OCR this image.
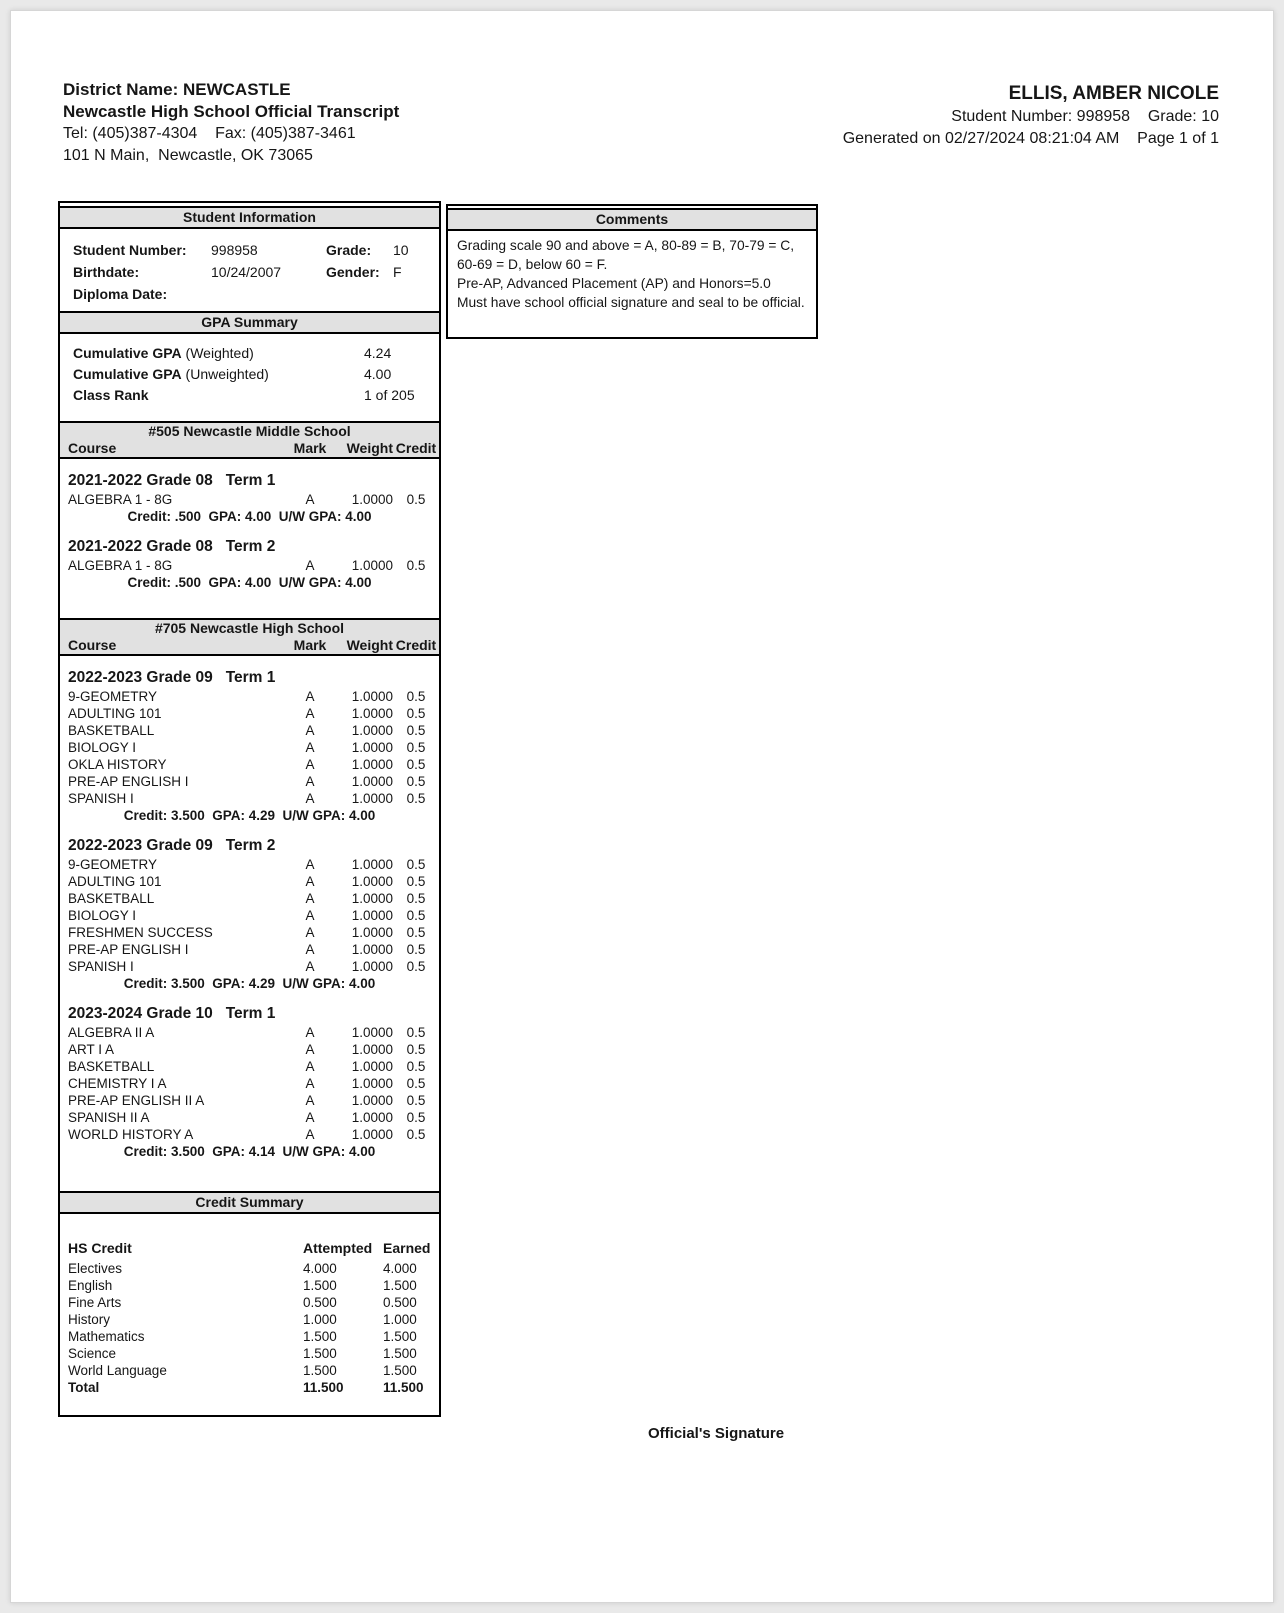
District Name: NEWCASTLE
Newcastle High School Official Transcript
Tel: (405)387-4304    Fax: (405)387-3461
101 N Main,  Newcastle, OK 73065
ELLIS, AMBER NICOLE
Student Number: 998958    Grade: 10
Generated on 02/27/2024 08:21:04 AM    Page 1 of 1
Comments
Grading scale 90 and above = A, 80-89 = B, 70-79 = C, 60-69 = D, below 60 = F.
Pre-AP, Advanced Placement (AP) and Honors=5.0
Must have school official signature and seal to be official.
Student Information
Student Number: 998958	Grade: 10
Birthdate:	10/24/2007	Gender: F
Diploma Date:
GPA Summary
Cumulative GPA (Weighted)	4.24
Cumulative GPA (Unweighted)	4.00
Class Rank	1 of 205
#505 Newcastle Middle School
Course	Mark	Weight Credit
2021-2022 Grade 08   Term 1
ALGEBRA 1 - 8G	A	1.0000	0.5
Credit: .500  GPA: 4.00  U/W GPA: 4.00
2021-2022 Grade 08   Term 2
ALGEBRA 1 - 8G	A	1.0000	0.5
Credit: .500  GPA: 4.00  U/W GPA: 4.00
#705 Newcastle High School
Course	Mark	Weight Credit
2022-2023 Grade 09   Term 1
9-GEOMETRY	A	1.0000	0.5
ADULTING 101	A	1.0000	0.5
BASKETBALL	A	1.0000	0.5
BIOLOGY I	A	1.0000	0.5
OKLA HISTORY	A	1.0000	0.5
PRE-AP ENGLISH I	A	1.0000	0.5
SPANISH I	A	1.0000	0.5
Credit: 3.500  GPA: 4.29  U/W GPA: 4.00
2022-2023 Grade 09   Term 2
9-GEOMETRY	A	1.0000	0.5
ADULTING 101	A	1.0000	0.5
BASKETBALL	A	1.0000	0.5
BIOLOGY I	A	1.0000	0.5
FRESHMEN SUCCESS	A	1.0000	0.5
PRE-AP ENGLISH I	A	1.0000	0.5
SPANISH I	A	1.0000	0.5
Credit: 3.500  GPA: 4.29  U/W GPA: 4.00
2023-2024 Grade 10   Term 1
ALGEBRA II A	A	1.0000	0.5
ART I A	A	1.0000	0.5
BASKETBALL	A	1.0000	0.5
CHEMISTRY I A	A	1.0000	0.5
PRE-AP ENGLISH II A	A	1.0000	0.5
SPANISH II A	A	1.0000	0.5
WORLD HISTORY A	A	1.0000	0.5
Credit: 3.500  GPA: 4.14  U/W GPA: 4.00
Credit Summary
HS Credit	Attempted Earned
Electives	4.000	4.000
English	1.500	1.500
Fine Arts	0.500	0.500
History	1.000	1.000
Mathematics	1.500	1.500
Science	1.500	1.500
World Language	1.500	1.500
Total	11.500	11.500
Official's Signature
